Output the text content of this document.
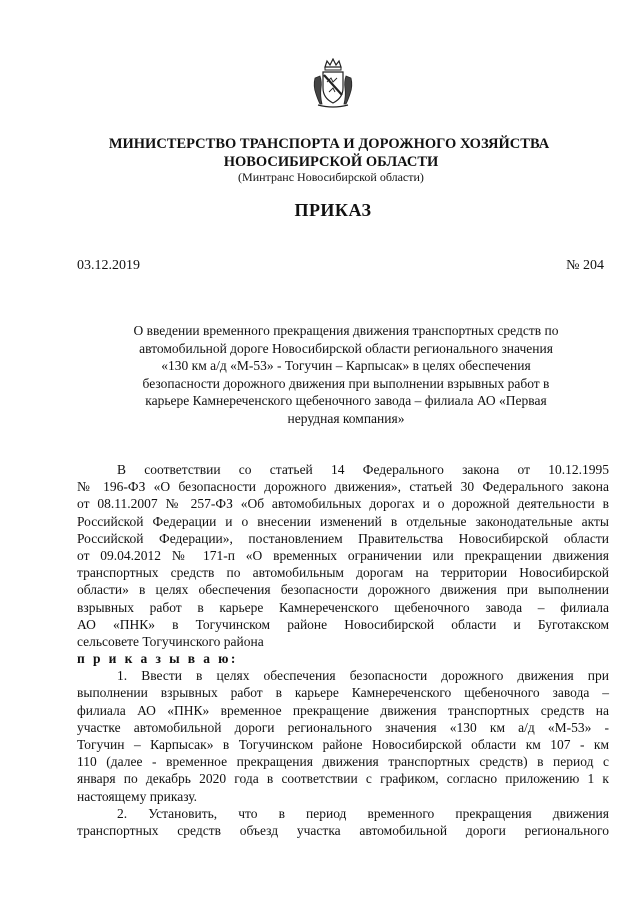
МИНИСТЕРСТВО ТРАНСПОРТА И ДОРОЖНОГО ХОЗЯЙСТВА
НОВОСИБИРСКОЙ ОБЛАСТИ
(Минтранс Новосибирской области)
ПРИКАЗ
03.12.2019	№ 204
О введении временного прекращения движения транспортных средств по
автомобильной дороге Новосибирской области регионального значения
«130 км а/д «М-53» - Тогучин – Карпысак» в целях обеспечения
безопасности дорожного движения при выполнении взрывных работ в
карьере Камнереченского щебеночного завода – филиала АО «Первая
нерудная компания»
В соответствии со статьей 14 Федерального закона от 10.12.1995
№ 196-ФЗ «О безопасности дорожного движения», статьей 30 Федерального закона
от 08.11.2007 № 257-ФЗ «Об автомобильных дорогах и о дорожной деятельности в
Российской Федерации и о внесении изменений в отдельные законодательные акты
Российской Федерации», постановлением Правительства Новосибирской области
от 09.04.2012 № 171-п «О временных ограничении или прекращении движения
транспортных средств по автомобильным дорогам на территории Новосибирской
области» в целях обеспечения безопасности дорожного движения при выполнении
взрывных работ в карьере Камнереченского щебеночного завода – филиала
АО «ПНК» в Тогучинском районе Новосибирской области и Буготакском
сельсовете Тогучинского района
п р и к а з ы в а ю:
1. Ввести в целях обеспечения безопасности дорожного движения при
выполнении взрывных работ в карьере Камнереченского щебеночного завода –
филиала АО «ПНК» временное прекращение движения транспортных средств на
участке автомобильной дороги регионального значения «130 км а/д «М-53» -
Тогучин – Карпысак» в Тогучинском районе Новосибирской области км 107 - км
110 (далее - временное прекращения движения транспортных средств) в период с
января по декабрь 2020 года в соответствии с графиком, согласно приложению 1 к
настоящему приказу.
2. Установить, что в период временного прекращения движения
транспортных средств объезд участка автомобильной дороги регионального
